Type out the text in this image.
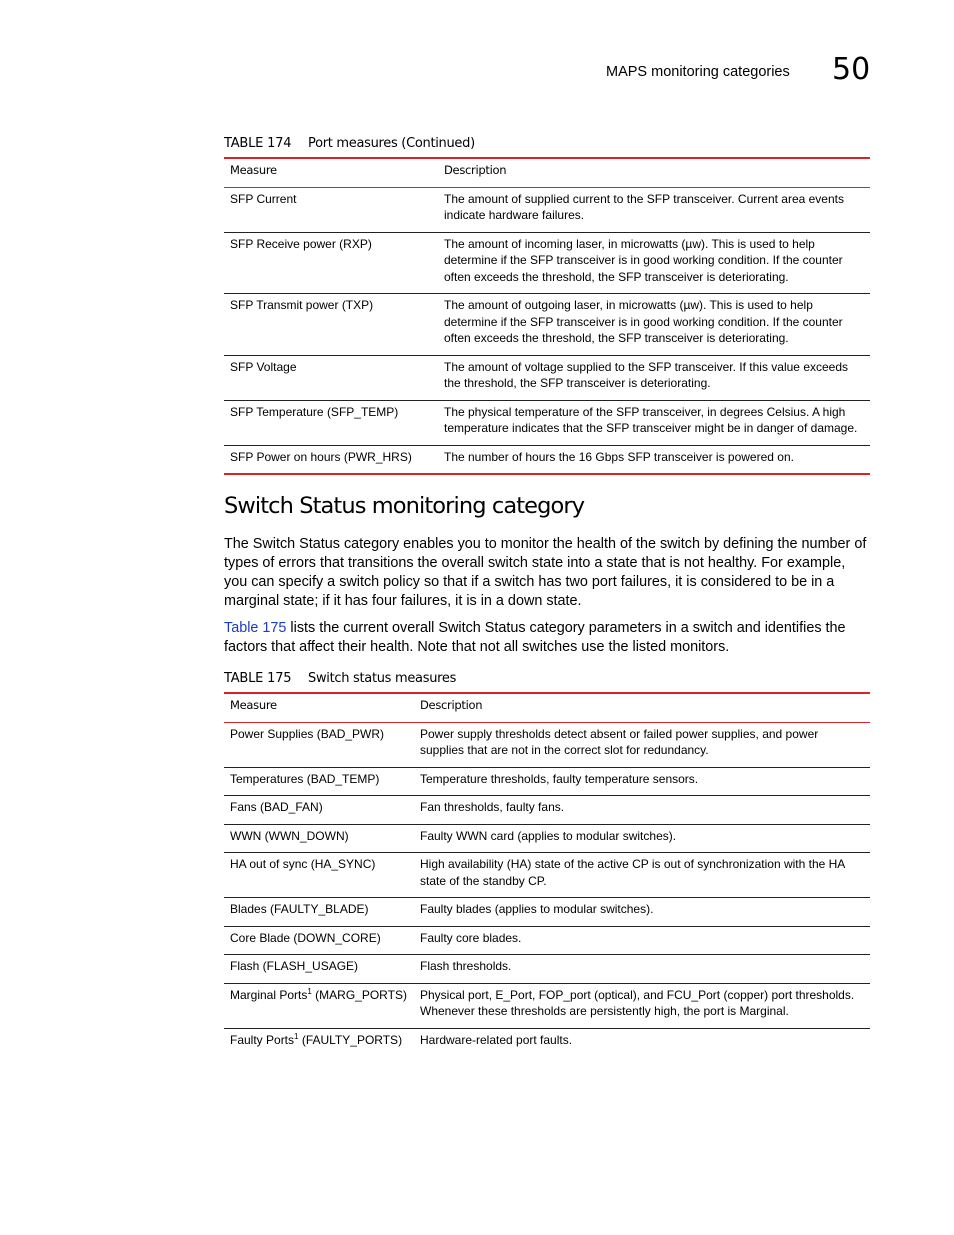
MAPS monitoring categories 50
TABLE 174 Port measures (Continued)
Measure	Description
SFP Current	The amount of supplied current to the SFP transceiver. Current area events indicate hardware failures.
SFP Receive power (RXP)	The amount of incoming laser, in microwatts (µw). This is used to help determine if the SFP transceiver is in good working condition. If the counter often exceeds the threshold, the SFP transceiver is deteriorating.
SFP Transmit power (TXP)	The amount of outgoing laser, in microwatts (µw). This is used to help determine if the SFP transceiver is in good working condition. If the counter often exceeds the threshold, the SFP transceiver is deteriorating.
SFP Voltage	The amount of voltage supplied to the SFP transceiver. If this value exceeds the threshold, the SFP transceiver is deteriorating.
SFP Temperature (SFP_TEMP)	The physical temperature of the SFP transceiver, in degrees Celsius. A high temperature indicates that the SFP transceiver might be in danger of damage.
SFP Power on hours (PWR_HRS)	The number of hours the 16 Gbps SFP transceiver is powered on.
Switch Status monitoring category

The Switch Status category enables you to monitor the health of the switch by defining the number of types of errors that transitions the overall switch state into a state that is not healthy. For example, you can specify a switch policy so that if a switch has two port failures, it is considered to be in a marginal state; if it has four failures, it is in a down state.

Table 175 lists the current overall Switch Status category parameters in a switch and identifies the factors that affect their health. Note that not all switches use the listed monitors.

TABLE 175 Switch status measures
Measure	Description
Power Supplies (BAD_PWR)	Power supply thresholds detect absent or failed power supplies, and power supplies that are not in the correct slot for redundancy.
Temperatures (BAD_TEMP)	Temperature thresholds, faulty temperature sensors.
Fans (BAD_FAN)	Fan thresholds, faulty fans.
WWN (WWN_DOWN)	Faulty WWN card (applies to modular switches).
HA out of sync (HA_SYNC)	High availability (HA) state of the active CP is out of synchronization with the HA state of the standby CP.
Blades (FAULTY_BLADE)	Faulty blades (applies to modular switches).
Core Blade (DOWN_CORE)	Faulty core blades.
Flash (FLASH_USAGE)	Flash thresholds.
Marginal Ports$^1$ (MARG_PORTS)	Physical port, E_Port, FOP_port (optical), and FCU_Port (copper) port thresholds. Whenever these thresholds are persistently high, the port is Marginal.
Faulty Ports$^1$ (FAULTY_PORTS)	Hardware-related port faults.
